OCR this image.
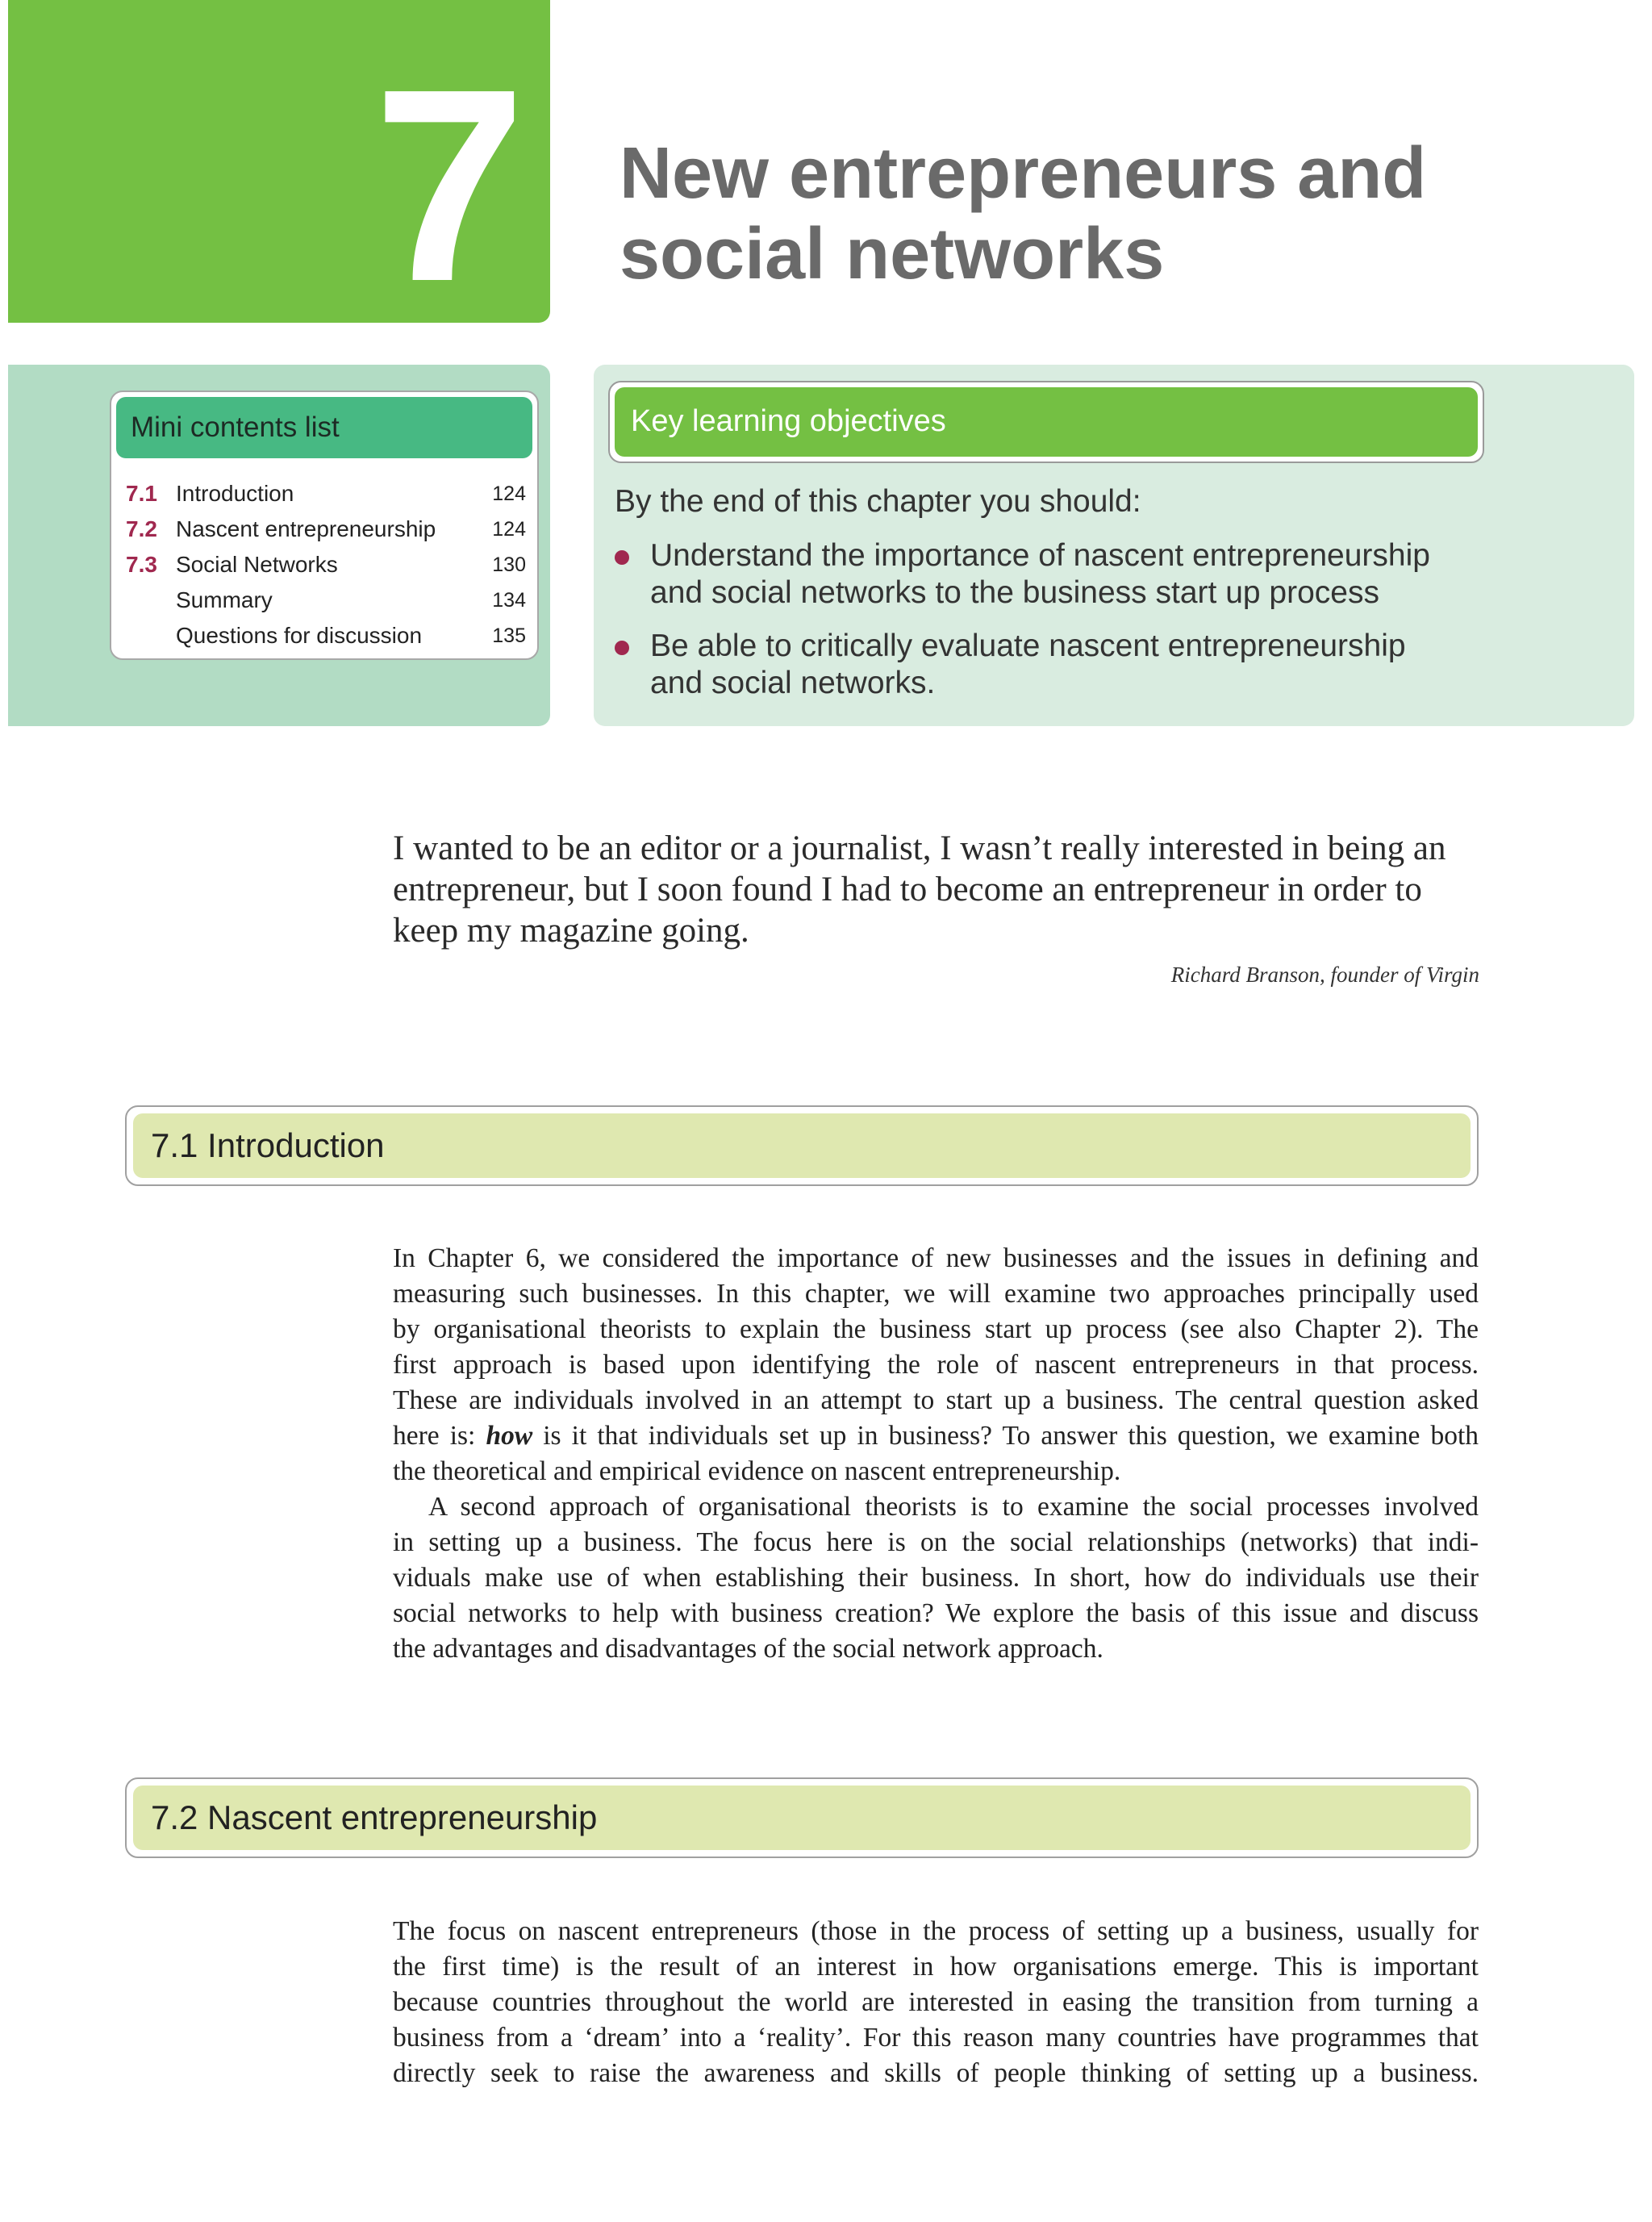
7 New entrepreneurs and
social networks
Mini contents list
7.1 Introduction	124
7.2 Nascent entrepreneurship	124
7.3 Social Networks	130
Summary	134
Questions for discussion	135
Key learning objectives
By the end of this chapter you should:
Understand the importance of nascent entrepreneurship
and social networks to the business start up process
Be able to critically evaluate nascent entrepreneurship
and social networks.
I wanted to be an editor or a journalist, I wasn’t really interested in being an
entrepreneur, but I soon found I had to become an entrepreneur in order to
keep my magazine going.
Richard Branson, founder of Virgin
7.1 Introduction
In Chapter 6, we considered the importance of new businesses and the issues in defining and
measuring such businesses. In this chapter, we will examine two approaches principally used
by organisational theorists to explain the business start up process (see also Chapter 2). The
first approach is based upon identifying the role of nascent entrepreneurs in that process.
These are individuals involved in an attempt to start up a business. The central question asked
here is: how is it that individuals set up in business? To answer this question, we examine both
the theoretical and empirical evidence on nascent entrepreneurship.
A second approach of organisational theorists is to examine the social processes involved
in setting up a business. The focus here is on the social relationships (networks) that indi-
viduals make use of when establishing their business. In short, how do individuals use their
social networks to help with business creation? We explore the basis of this issue and discuss
the advantages and disadvantages of the social network approach.
7.2 Nascent entrepreneurship
The focus on nascent entrepreneurs (those in the process of setting up a business, usually for
the first time) is the result of an interest in how organisations emerge. This is important
because countries throughout the world are interested in easing the transition from turning a
business from a ‘dream’ into a ‘reality’. For this reason many countries have programmes that
directly seek to raise the awareness and skills of people thinking of setting up a business.
